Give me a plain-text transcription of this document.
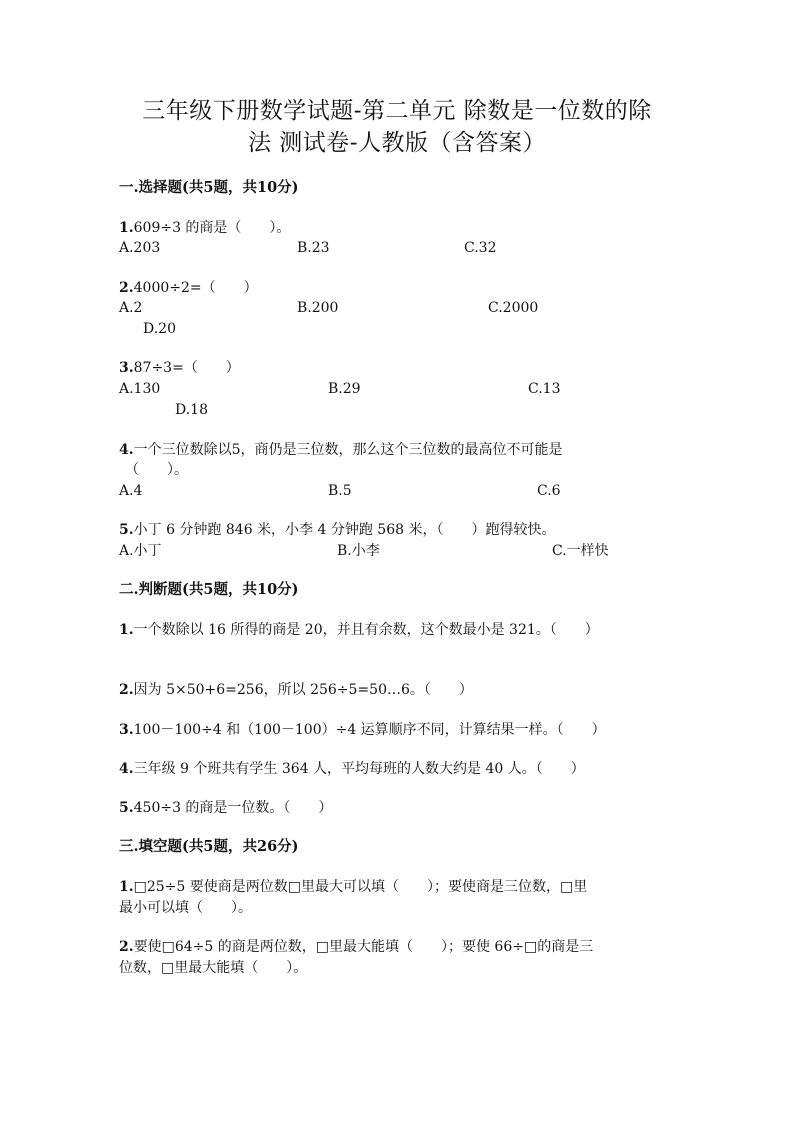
三年级下册数学试题-第二单元 除数是一位数的除
法 测试卷-人教版（含答案）
一.选择题(共5题，共10分)
1.609÷3 的商是（　　）。
A.203	B.23	C.32
2.4000÷2=（　　）
A.2	B.200	C.2000
D.20
3.87÷3=（　　）
A.130	B.29	C.13
D.18
4.一个三位数除以5，商仍是三位数，那么这个三位数的最高位不可能是
（　　）。
A.4	B.5	C.6
5.小丁 6 分钟跑 846 米，小李 4 分钟跑 568 米，（　　）跑得较快。
A.小丁	B.小李	C.一样快
二.判断题(共5题，共10分)
1.一个数除以 16 所得的商是 20，并且有余数，这个数最小是 321。（　　）
2.因为 5×50+6=256，所以 256÷5=50…6。（　　）
3.100－100÷4 和（100－100）÷4 运算顺序不同，计算结果一样。（　　）
4.三年级 9 个班共有学生 364 人，平均每班的人数大约是 40 人。（　　）
5.450÷3 的商是一位数。（　　）
三.填空题(共5题，共26分)
1.□25÷5 要使商是两位数□里最大可以填（　　）；要使商是三位数，□里
最小可以填（　　）。
2.要使□64÷5 的商是两位数，□里最大能填（　　）；要使 66÷□的商是三
位数，□里最大能填（　　）。
